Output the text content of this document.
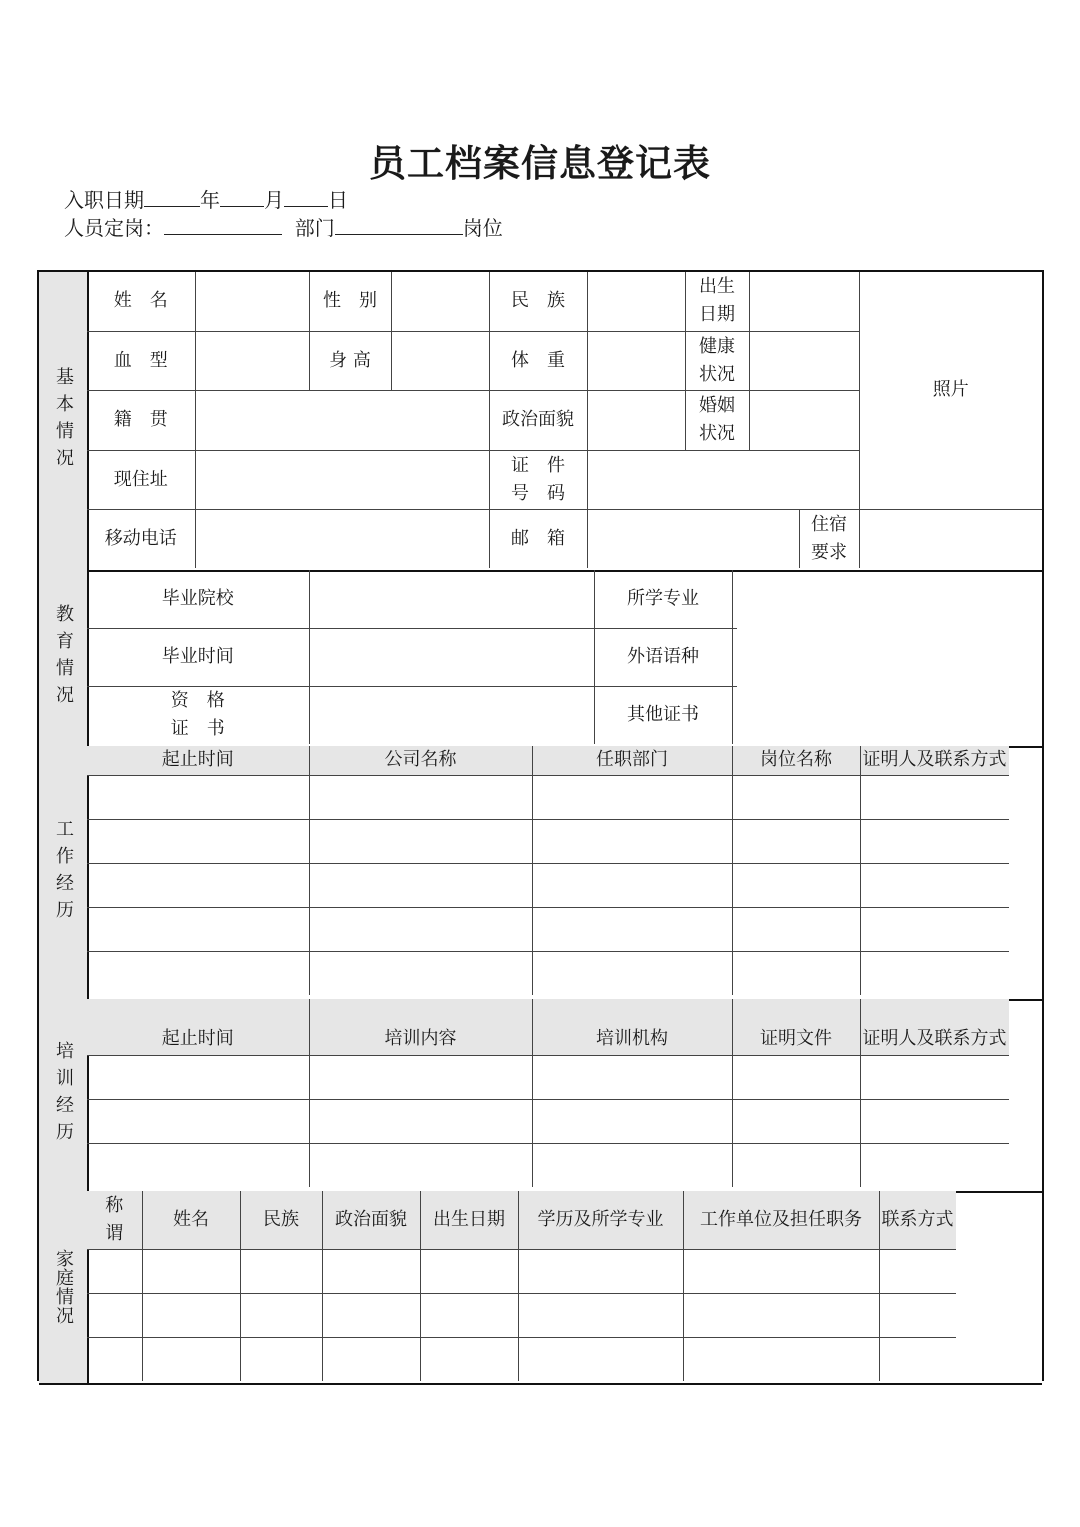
员工档案信息登记表
入职日期	年 月 日
人员定岗：	部门	岗位
基本情况
姓　名		性　别		民　族		出生日期			照片
血　型		身 高		体　重		健康状况			

籍　贯				政治面貌		婚姻状况			

现住址				证　件号　码					

移动电话				邮　箱				住宿要求	

教育情况
毕业院校		所学专业	
毕业时间		外语语种	

资　格证　书		其他证书	
工作经历
起止时间	公司名称	任职部门	岗位名称	证明人及联系方式

培训经历
起止时间	培训内容	培训机构	证明文件	证明人及联系方式

家庭情况
称谓	姓名	民族	政治面貌	出生日期	学历及所学专业	工作单位及担任职务	联系方式
